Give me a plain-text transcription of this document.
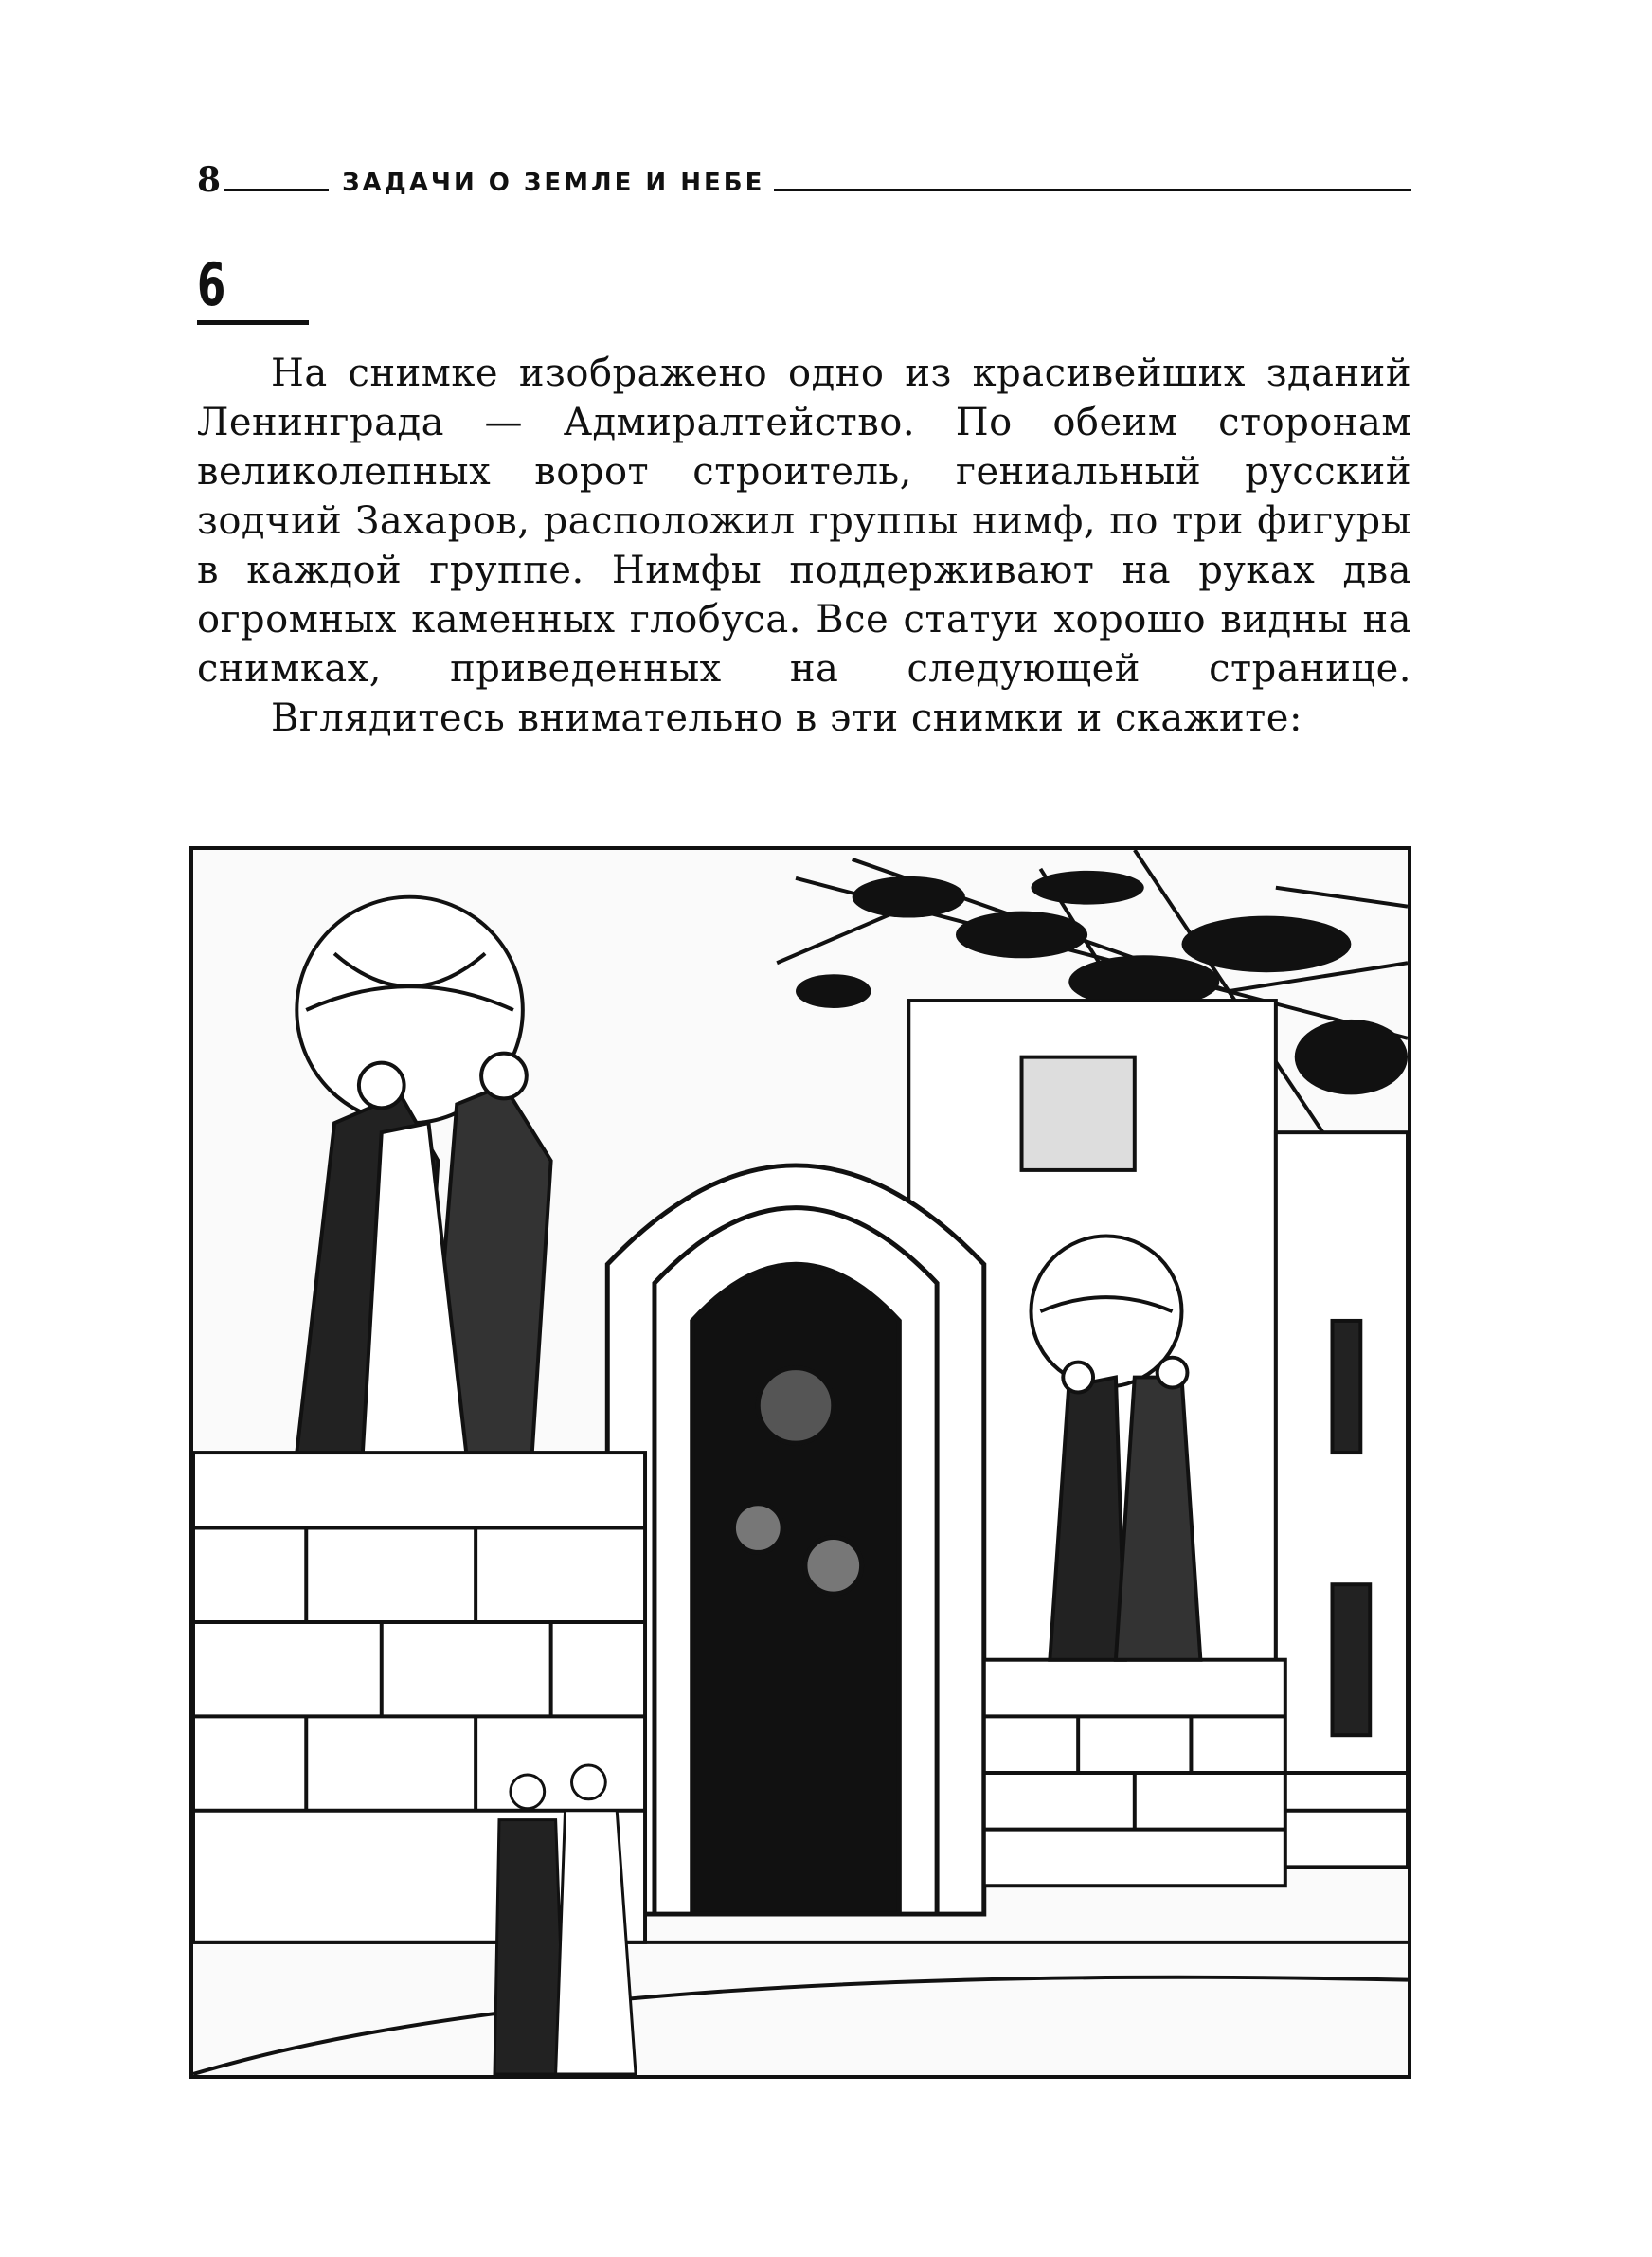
8	ЗАДАЧИ О ЗЕМЛЕ И НЕБЕ
6

На снимке изображено одно из красивейших зданий Ленинграда — Адмиралтейство. По обеим сторонам великолепных ворот строитель, гениальный русский зодчий Захаров, расположил группы нимф, по три фигуры в каждой группе. Нимфы поддерживают на руках два огромных каменных глобуса. Все статуи хорошо видны на снимках, приведенных на следующей странице.

Вглядитесь внимательно в эти снимки и скажите:
